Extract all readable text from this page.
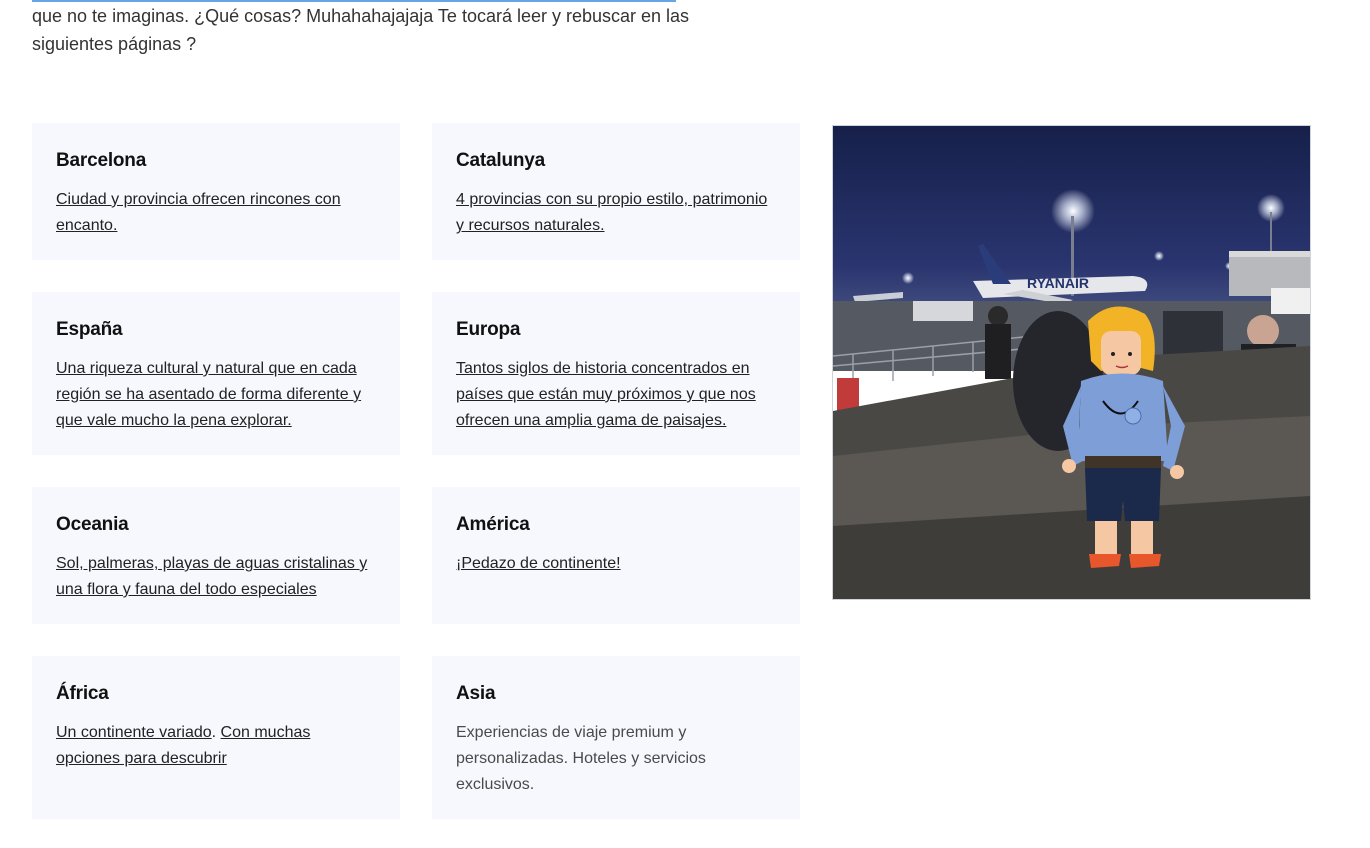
que no te imaginas. ¿Qué cosas? Muhahahajajaja Te tocará leer y rebuscar en las
siguientes páginas ?
Barcelona

Ciudad y provincia ofrecen rincones con encanto.

Catalunya

4 provincias con su propio estilo, patrimonio y recursos naturales.

España

Una riqueza cultural y natural que en cada región se ha asentado de forma diferente y que vale mucho la pena explorar.

Europa

Tantos siglos de historia concentrados en países que están muy próximos y que nos ofrecen una amplia gama de paisajes.

Oceania

Sol, palmeras, playas de aguas cristalinas y una flora y fauna del todo especiales

América

¡Pedazo de continente!

África

Un continente variado. Con muchas opciones para descubrir

Asia

Experiencias de viaje premium y personalizadas. Hoteles y servicios exclusivos.

RYANAIR
